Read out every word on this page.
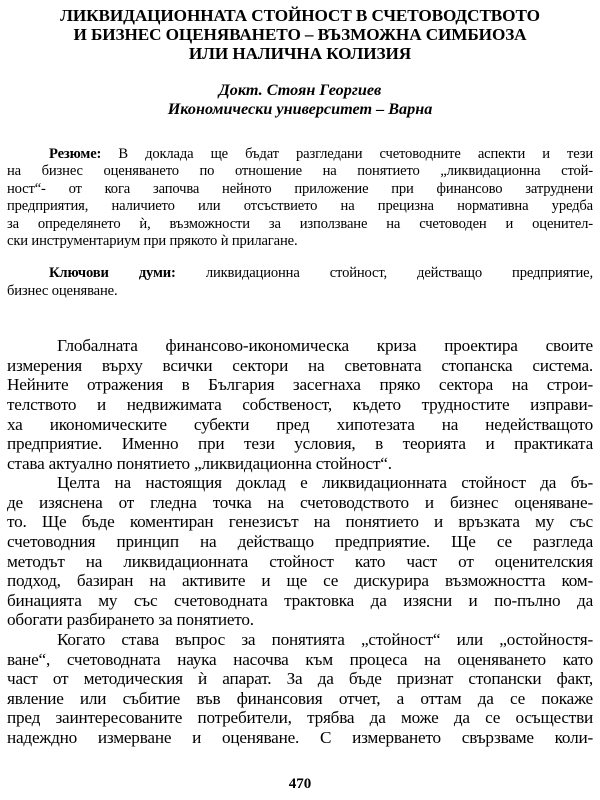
ЛИКВИДАЦИОННАТА СТОЙНОСТ В СЧЕТОВОДСТВОТО
И БИЗНЕС ОЦЕНЯВАНЕТО – ВЪЗМОЖНА СИМБИОЗА
ИЛИ НАЛИЧНА КОЛИЗИЯ
Докт. Стоян Георгиев
Икономически университет – Варна
Резюме: В доклада ще бъдат разгледани счетоводните аспекти и тези
на бизнес оценяването по отношение на понятието „ликвидационна стой-
ност“- от кога започва нейното приложение при финансово затруднени
предприятия, наличието или отсъствието на прецизна нормативна уредба
за определянето ѝ, възможности за използване на счетоводен и оценител-
ски инструментариум при прякото ѝ прилагане.
Ключови думи: ликвидационна стойност, действащо предприятие,
бизнес оценяване.
Глобалната финансово-икономическа криза проектира своите
измерения върху всички сектори на световната стопанска система.
Нейните отражения в България засегнаха пряко сектора на строи-
телството и недвижимата собственост, където трудностите изправи-
ха икономическите субекти пред хипотезата на недействащото
предприятие. Именно при тези условия, в теорията и практиката
става актуално понятието „ликвидационна стойност“.
Целта на настоящия доклад е ликвидационната стойност да бъ-
де изяснена от гледна точка на счетоводството и бизнес оценяване-
то. Ще бъде коментиран генезисът на понятието и връзката му със
счетоводния принцип на действащо предприятие. Ще се разгледа
методът на ликвидационната стойност като част от оценителския
подход, базиран на активите и ще се дискурира възможността ком-
бинацията му със счетоводната трактовка да изясни и по-пълно да
обогати разбирането за понятието.
Когато става въпрос за понятията „стойност“ или „остойностя-
ване“, счетоводната наука насочва към процеса на оценяването като
част от методическия ѝ апарат. За да бъде признат стопански факт,
явление или събитие във финансовия отчет, а оттам да се покаже
пред заинтересованите потребители, трябва да може да се осъществи
надеждно измерване и оценяване. С измерването свързваме коли-
470
